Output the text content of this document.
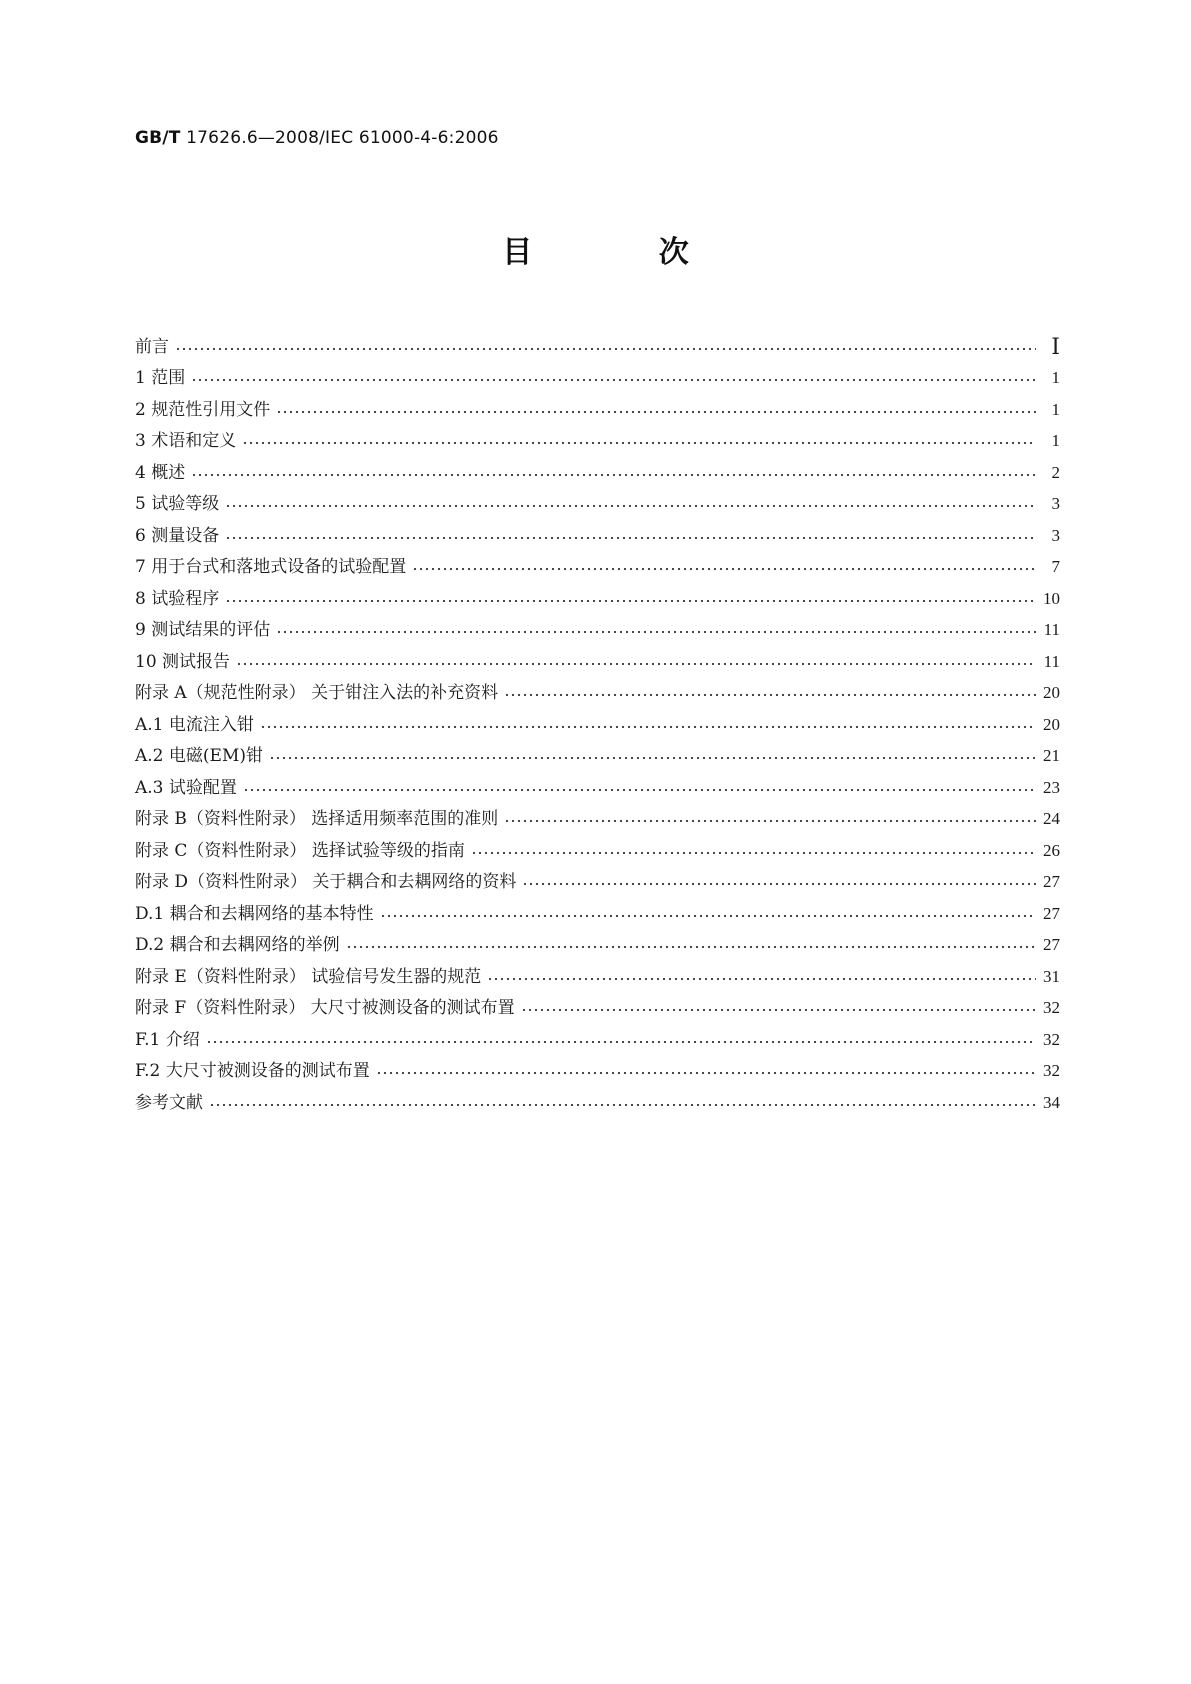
GB/T 17626.6—2008/IEC 61000-4-6:2006
目 次
前言	Ⅰ
1 范围	1
2 规范性引用文件	1
3 术语和定义	1
4 概述	2
5 试验等级	3
6 测量设备	3
7 用于台式和落地式设备的试验配置	7
8 试验程序	10
9 测试结果的评估	11
10 测试报告	11
附录 A（规范性附录） 关于钳注入法的补充资料	20
A.1 电流注入钳	20
A.2 电磁(EM)钳	21
A.3 试验配置	23
附录 B（资料性附录） 选择适用频率范围的准则	24
附录 C（资料性附录） 选择试验等级的指南	26
附录 D（资料性附录） 关于耦合和去耦网络的资料	27
D.1 耦合和去耦网络的基本特性	27
D.2 耦合和去耦网络的举例	27
附录 E（资料性附录） 试验信号发生器的规范	31
附录 F（资料性附录） 大尺寸被测设备的测试布置	32
F.1 介绍	32
F.2 大尺寸被测设备的测试布置	32
参考文献	34
